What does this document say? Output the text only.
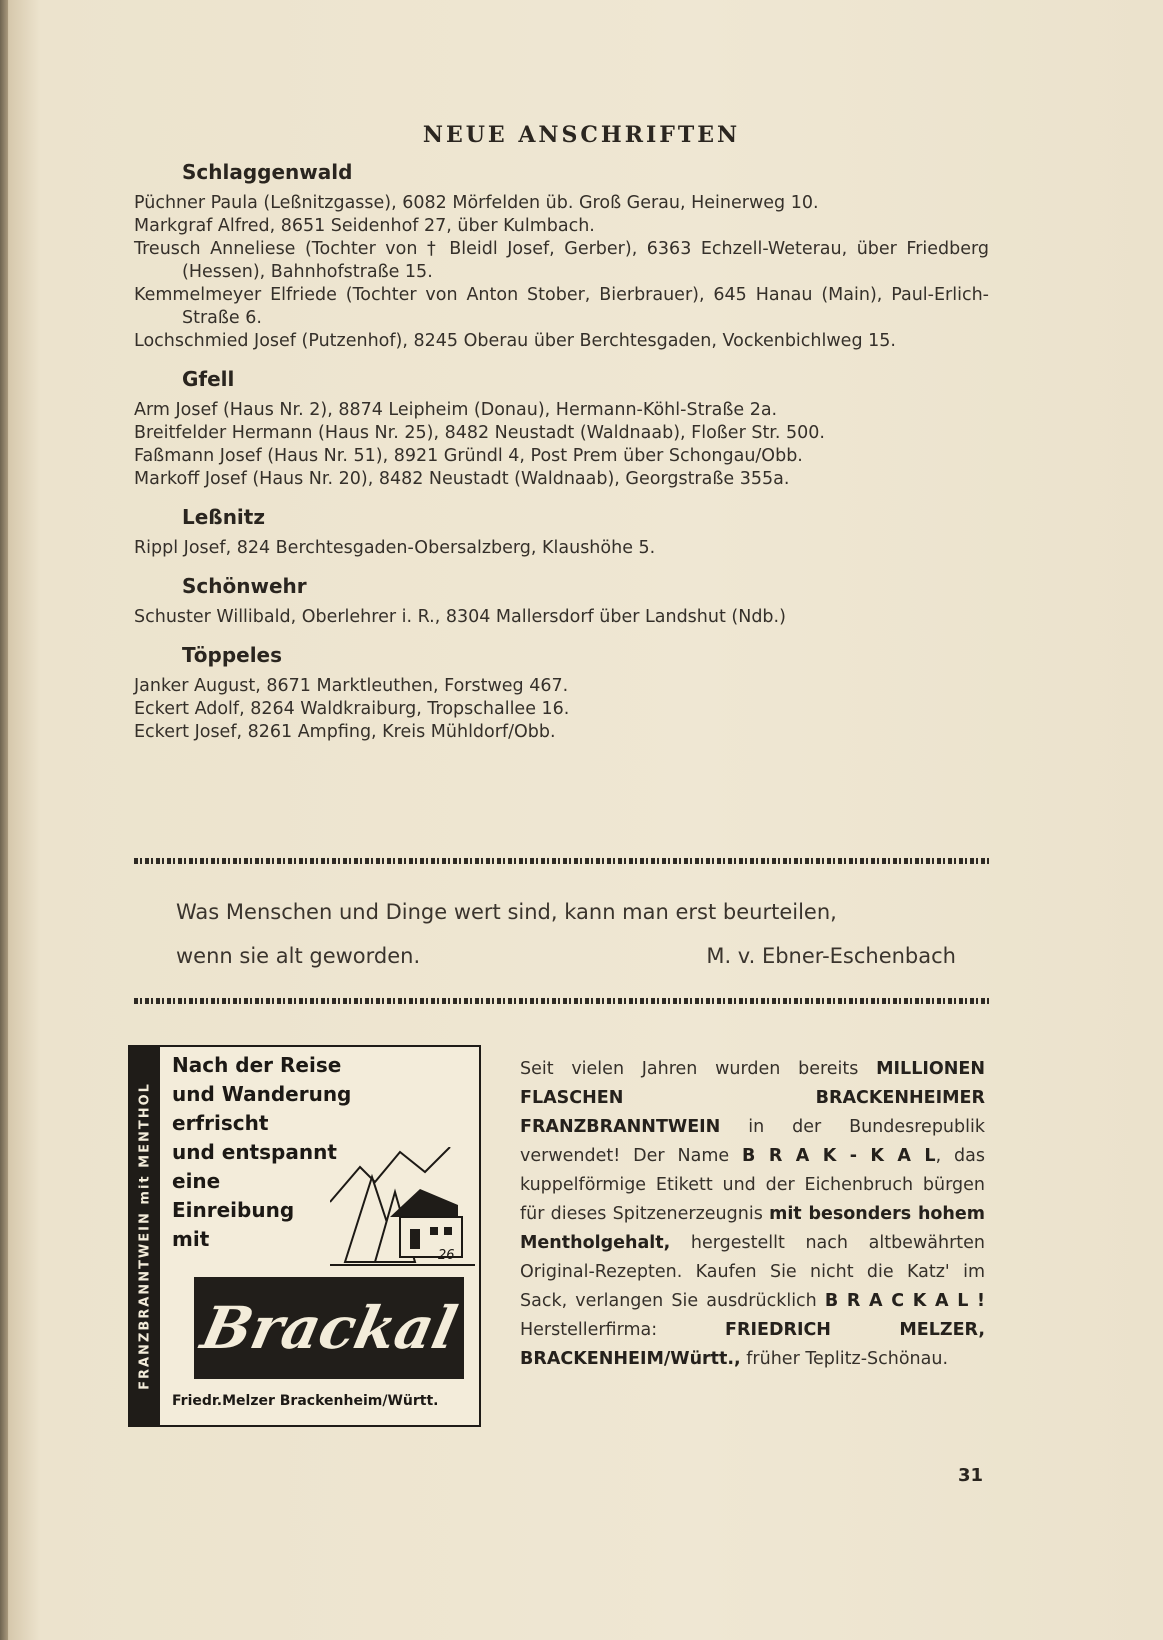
NEUE ANSCHRIFTEN
Schlaggenwald
Püchner Paula (Leßnitzgasse), 6082 Mörfelden üb. Groß Gerau, Heinerweg 10.
Markgraf Alfred, 8651 Seidenhof 27, über Kulmbach.
Treusch Anneliese (Tochter von † Bleidl Josef, Gerber), 6363 Echzell-Weterau, über Friedberg (Hessen), Bahnhofstraße 15.
Kemmelmeyer Elfriede (Tochter von Anton Stober, Bierbrauer), 645 Hanau (Main), Paul-Erlich-Straße 6.
Lochschmied Josef (Putzenhof), 8245 Oberau über Berchtesgaden, Vockenbichlweg 15.
Gfell
Arm Josef (Haus Nr. 2), 8874 Leipheim (Donau), Hermann-Köhl-Straße 2a.
Breitfelder Hermann (Haus Nr. 25), 8482 Neustadt (Waldnaab), Floßer Str. 500.
Faßmann Josef (Haus Nr. 51), 8921 Gründl 4, Post Prem über Schongau/Obb.
Markoff Josef (Haus Nr. 20), 8482 Neustadt (Waldnaab), Georgstraße 355a.
Leßnitz
Rippl Josef, 824 Berchtesgaden-Obersalzberg, Klaushöhe 5.
Schönwehr
Schuster Willibald, Oberlehrer i. R., 8304 Mallersdorf über Landshut (Ndb.)
Töppeles
Janker August, 8671 Marktleuthen, Forstweg 467.
Eckert Adolf, 8264 Waldkraiburg, Tropschallee 16.
Eckert Josef, 8261 Ampfing, Kreis Mühldorf/Obb.
Was Menschen und Dinge wert sind, kann man erst beurteilen,
wenn sie alt geworden.	M. v. Ebner-Eschenbach
FRANZBRANNTWEIN mit MENTHOL
Nach der Reise
und Wanderung
erfrischt
und entspannt
eine
Einreibung
mit
26
Brackal
Friedr.Melzer Brackenheim/Württ.
Seit vielen Jahren wurden bereits MILLIONEN FLASCHEN BRACKENHEIMER FRANZBRANNTWEIN in der Bundesrepublik verwendet! Der Name B R A K - K A L, das kuppelförmige Etikett und der Eichenbruch bürgen für dieses Spitzenerzeugnis mit besonders hohem Mentholgehalt, hergestellt nach altbewährten Original-Rezepten. Kaufen Sie nicht die Katz' im Sack, verlangen Sie ausdrücklich B R A C K A L ! Herstellerfirma: FRIEDRICH MELZER, BRACKENHEIM/Württ., früher Teplitz-Schönau.
31
